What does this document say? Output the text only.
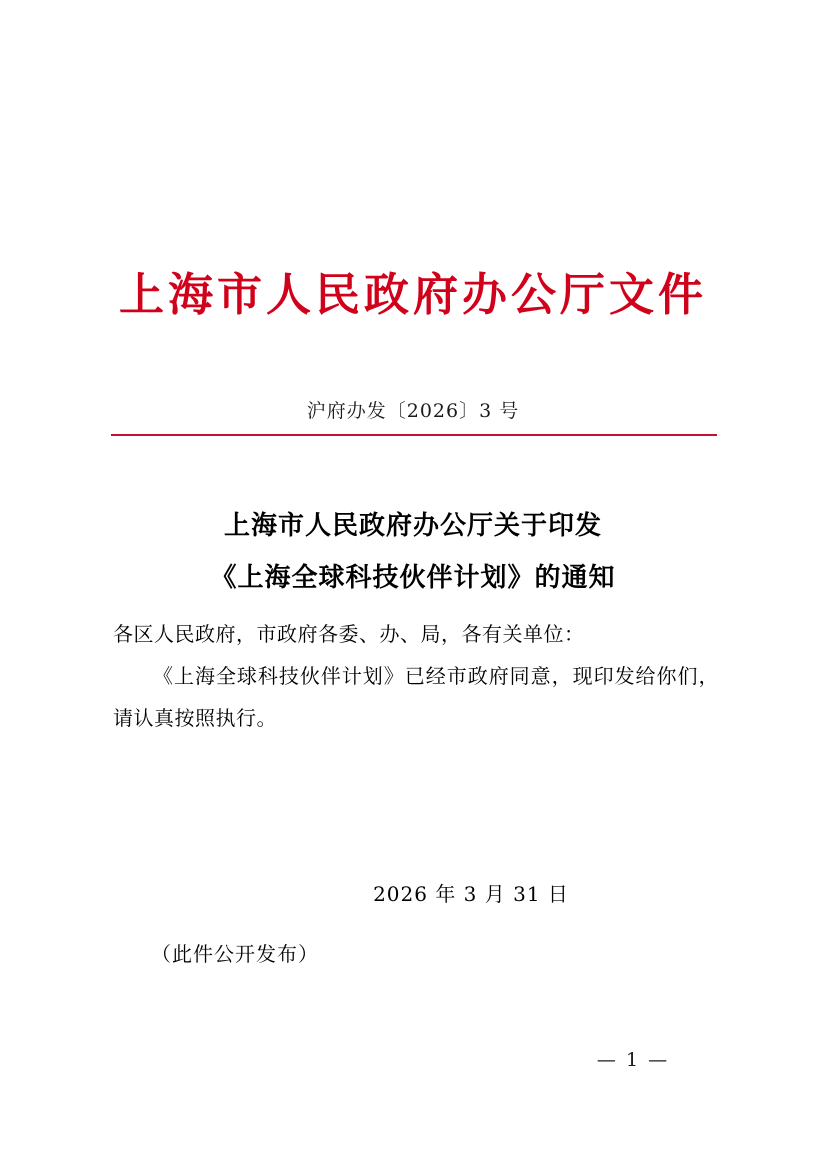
上海市人民政府办公厅文件
沪府办发〔2026〕3 号
上海市人民政府办公厅关于印发
《上海全球科技伙伴计划》的通知
各区人民政府，市政府各委、办、局，各有关单位：
《上海全球科技伙伴计划》已经市政府同意，现印发给你们，请认真按照执行。
2026 年 3 月 31 日
（此件公开发布）
— 1 —
